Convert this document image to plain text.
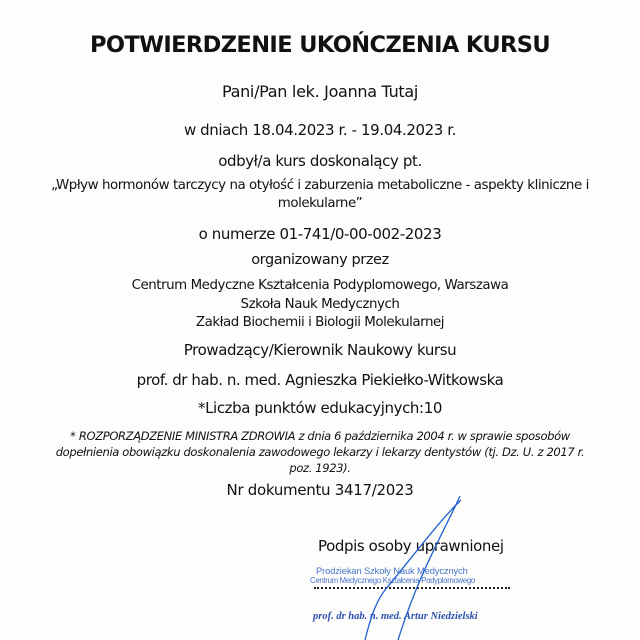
POTWIERDZENIE UKOŃCZENIA KURSU
Pani/Pan lek. Joanna Tutaj
w dniach 18.04.2023 r. - 19.04.2023 r.
odbył/a kurs doskonalący pt.
„Wpływ hormonów tarczycy na otyłość i zaburzenia metaboliczne - aspekty kliniczne i
molekularne”
o numerze 01-741/0-00-002-2023
organizowany przez
Centrum Medyczne Kształcenia Podyplomowego, Warszawa
Szkoła Nauk Medycznych
Zakład Biochemii i Biologii Molekularnej
Prowadzący/Kierownik Naukowy kursu
prof. dr hab. n. med. Agnieszka Piekiełko-Witkowska
*Liczba punktów edukacyjnych:10
* ROZPORZĄDZENIE MINISTRA ZDROWIA z dnia 6 października 2004 r. w sprawie sposobów
dopełnienia obowiązku doskonalenia zawodowego lekarzy i lekarzy dentystów (tj. Dz. U. z 2017 r.
poz. 1923).
Nr dokumentu 3417/2023
Podpis osoby uprawnionej
Prodziekan Szkoły Nauk Medycznych
Centrum Medycznego Kształcenia Podyplomowego
prof. dr hab. n. med. Artur Niedzielski
